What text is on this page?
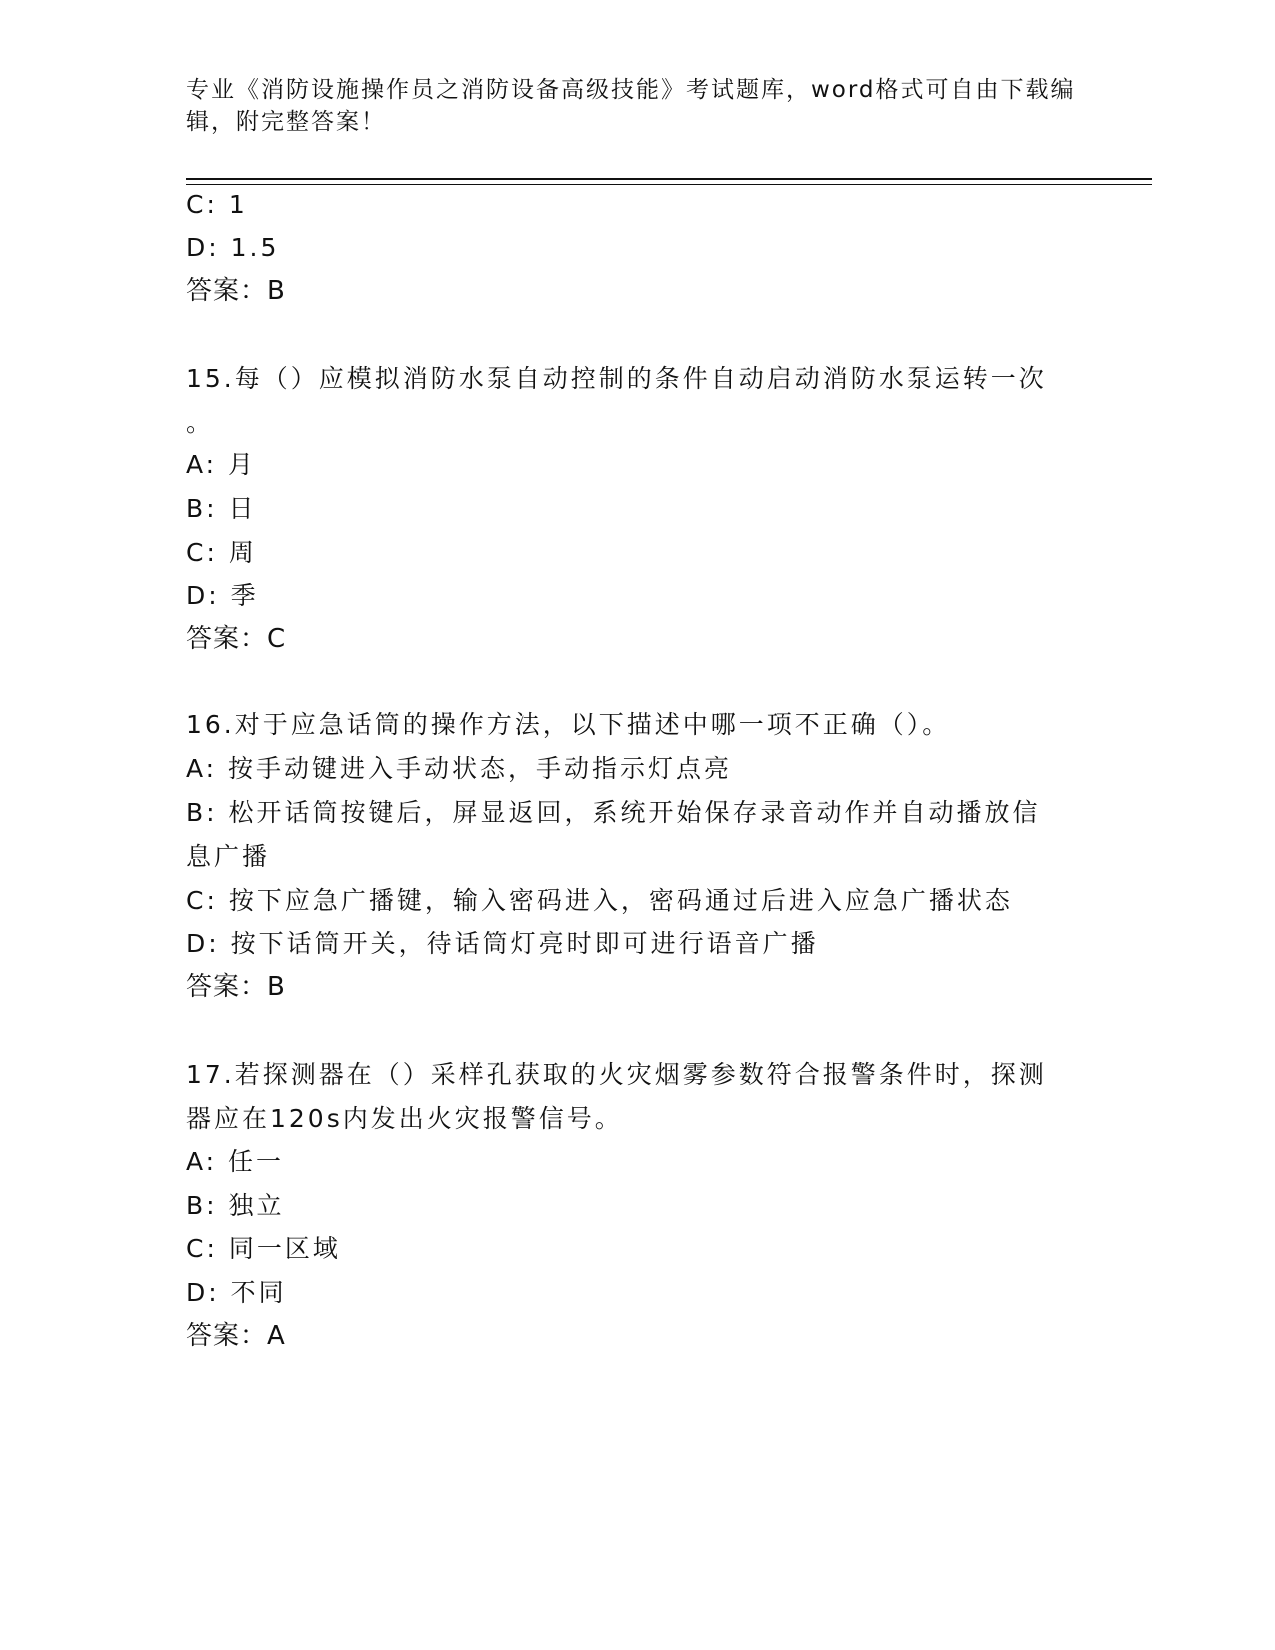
专业《消防设施操作员之消防设备高级技能》考试题库，word格式可自由下载编辑，附完整答案！
C: 1
D: 1.5
答案：B
15.每（）应模拟消防水泵自动控制的条件自动启动消防水泵运转一次
。
A: 月
B: 日
C: 周
D: 季
答案：C
16.对于应急话筒的操作方法，以下描述中哪一项不正确（）。
A: 按手动键进入手动状态，手动指示灯点亮
B: 松开话筒按键后，屏显返回，系统开始保存录音动作并自动播放信
息广播
C: 按下应急广播键，输入密码进入，密码通过后进入应急广播状态
D: 按下话筒开关，待话筒灯亮时即可进行语音广播
答案：B
17.若探测器在（）采样孔获取的火灾烟雾参数符合报警条件时，探测
器应在120s内发出火灾报警信号。
A: 任一
B: 独立
C: 同一区域
D: 不同
答案：A
